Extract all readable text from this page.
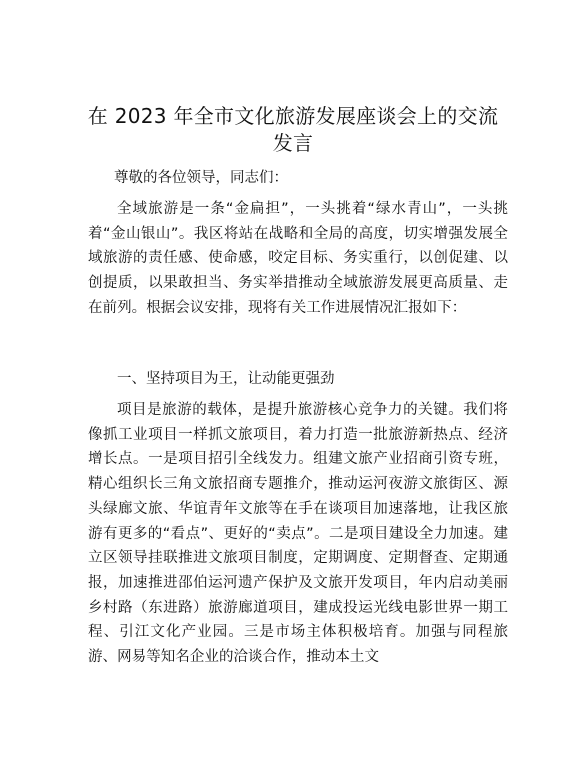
在 2023 年全市文化旅游发展座谈会上的交流发言
尊敬的各位领导，同志们：
全域旅游是一条“金扁担”，一头挑着“绿水青山”，一头挑着“金山银山”。我区将站在战略和全局的高度，切实增强发展全域旅游的责任感、使命感，咬定目标、务实重行，以创促建、以创提质，以果敢担当、务实举措推动全域旅游发展更高质量、走在前列。根据会议安排，现将有关工作进展情况汇报如下：
一、坚持项目为王，让动能更强劲
项目是旅游的载体，是提升旅游核心竞争力的关键。我们将像抓工业项目一样抓文旅项目，着力打造一批旅游新热点、经济增长点。一是项目招引全线发力。组建文旅产业招商引资专班，精心组织长三角文旅招商专题推介，推动运河夜游文旅街区、源头绿廊文旅、华谊青年文旅等在手在谈项目加速落地，让我区旅游有更多的“看点”、更好的“卖点”。二是项目建设全力加速。建立区领导挂联推进文旅项目制度，定期调度、定期督查、定期通报，加速推进邵伯运河遗产保护及文旅开发项目，年内启动美丽乡村路（东进路）旅游廊道项目，建成投运光线电影世界一期工程、引江文化产业园。三是市场主体积极培育。加强与同程旅游、网易等知名企业的洽谈合作，推动本土文
